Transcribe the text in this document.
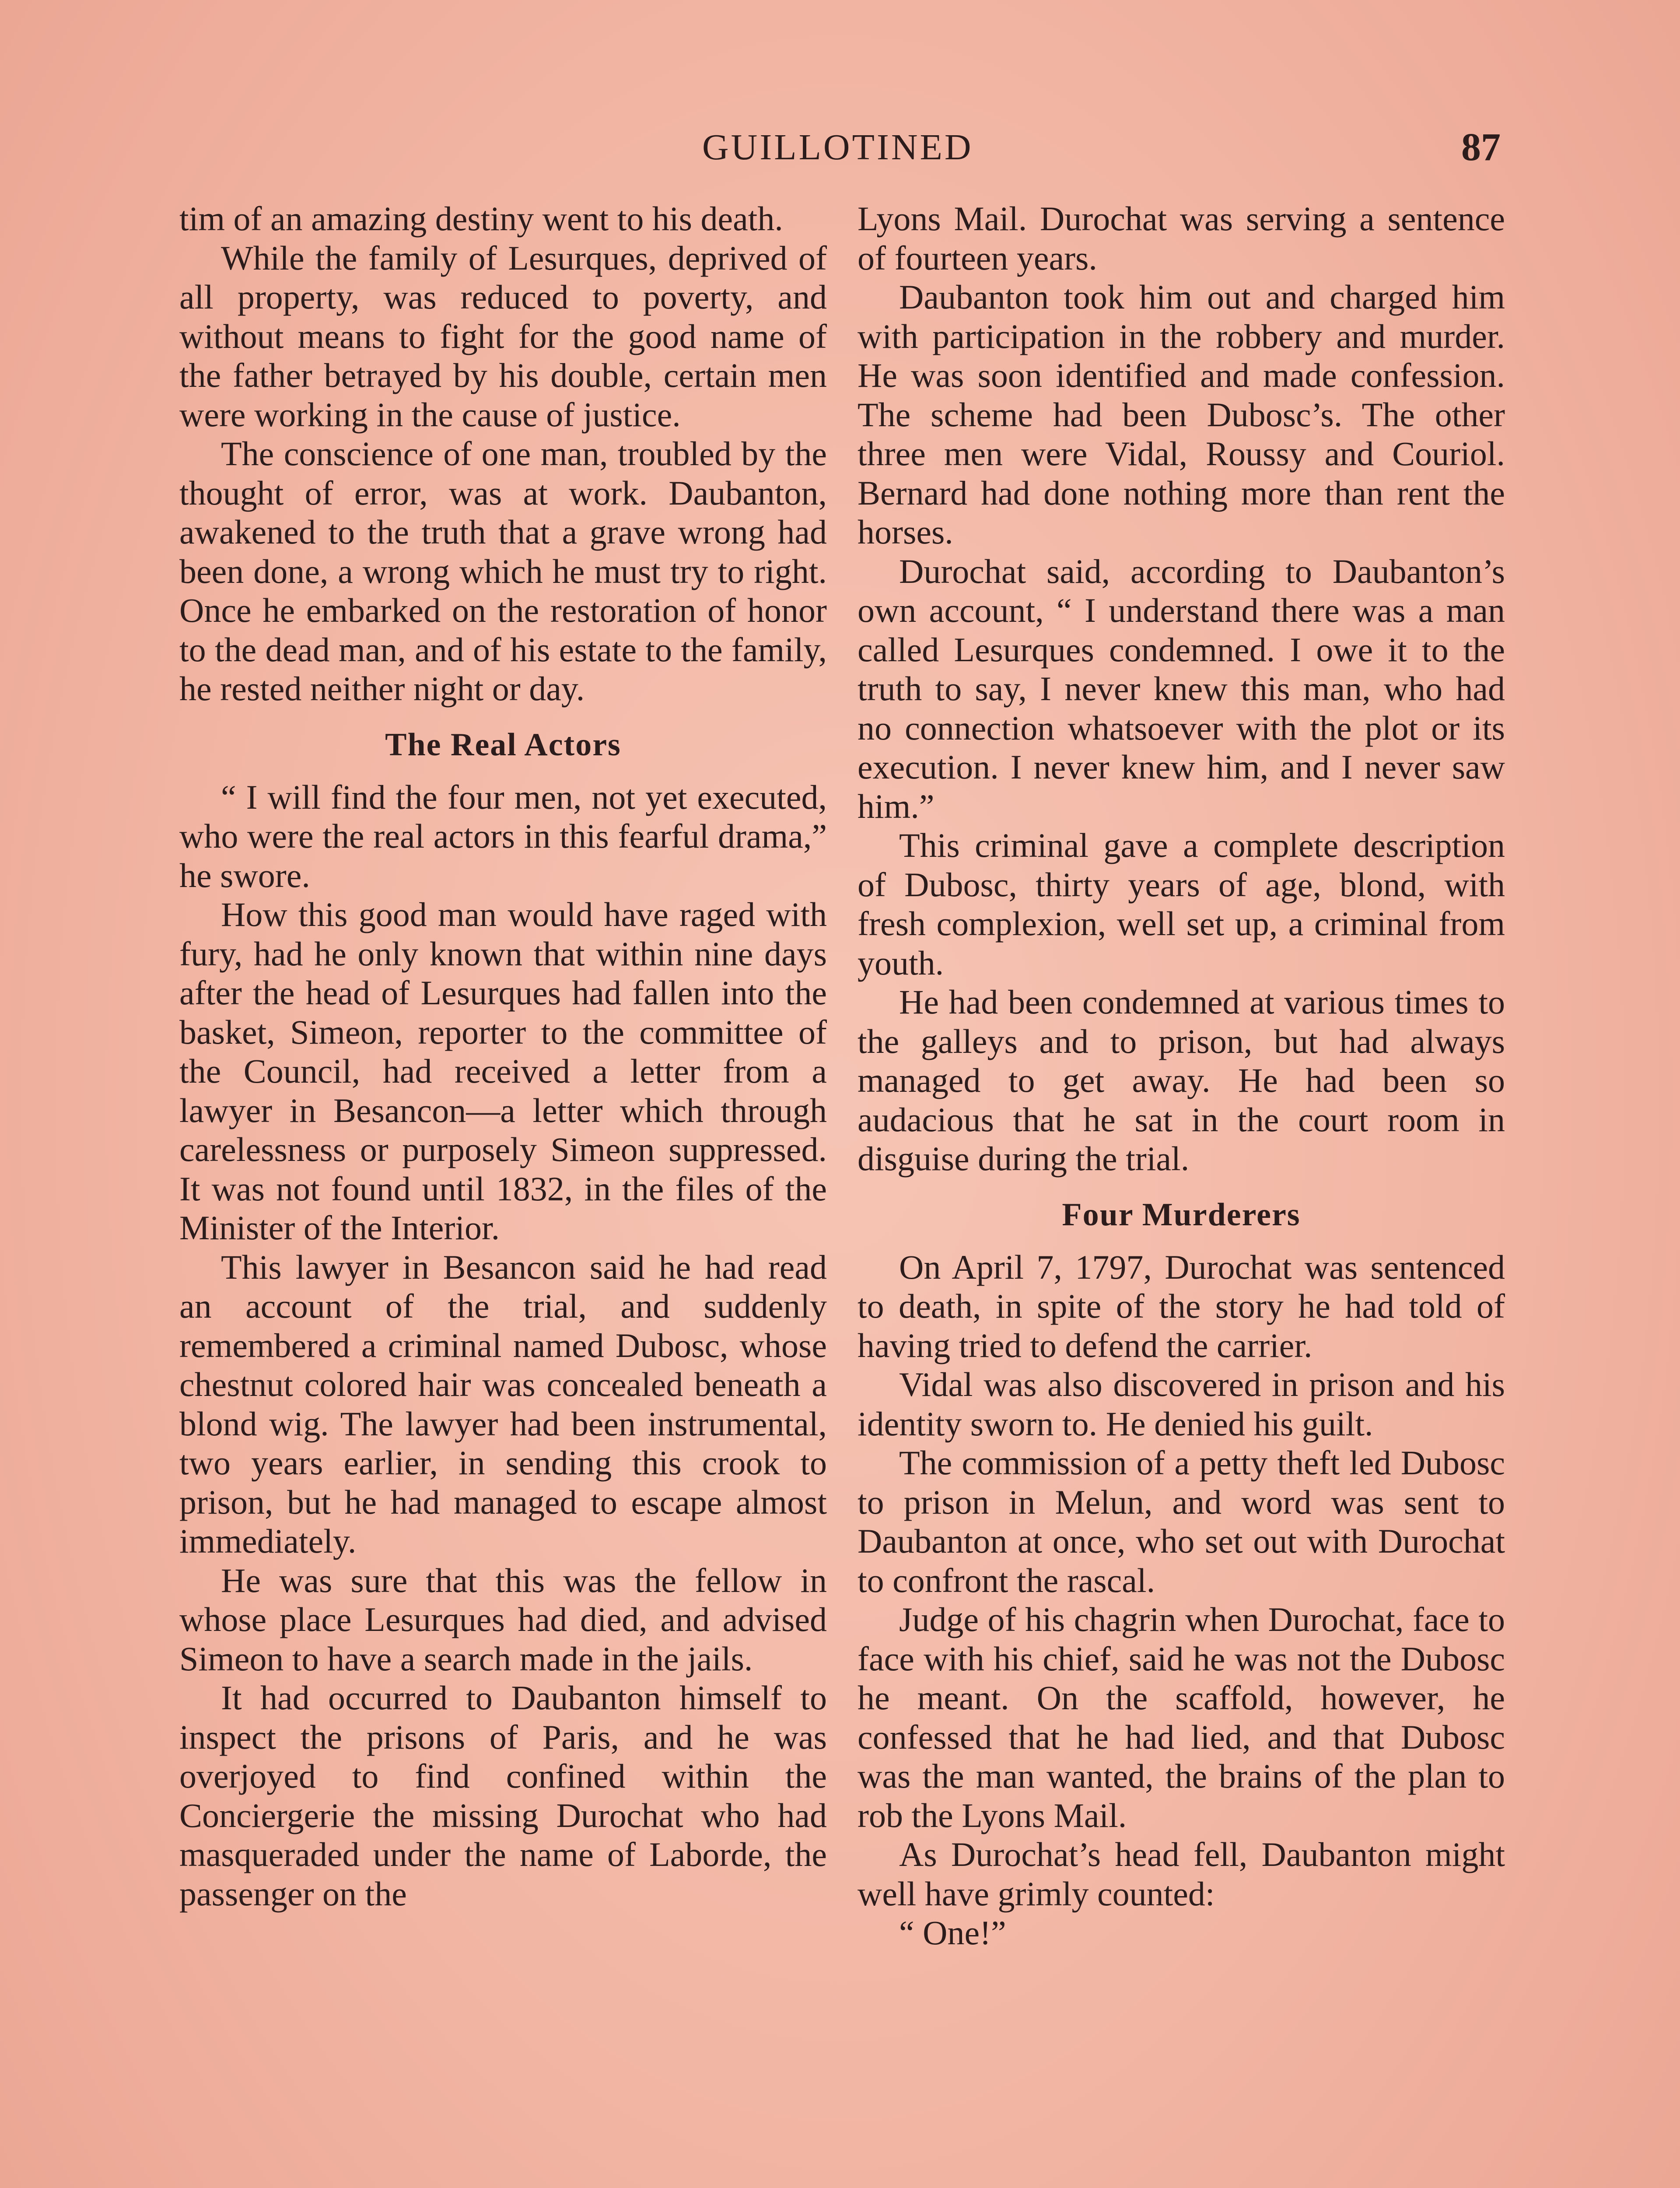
GUILLOTINED	87

tim of an amazing destiny went to his death.

While the family of Lesurques, deprived of all property, was reduced to poverty, and without means to fight for the good name of the father betrayed by his double, certain men were working in the cause of justice.

The conscience of one man, troubled by the thought of error, was at work. Daubanton, awakened to the truth that a grave wrong had been done, a wrong which he must try to right. Once he embarked on the restoration of honor to the dead man, and of his estate to the family, he rested neither night or day.

The Real Actors

“ I will find the four men, not yet executed, who were the real actors in this fearful drama,” he swore.

How this good man would have raged with fury, had he only known that within nine days after the head of Lesurques had fallen into the basket, Simeon, reporter to the committee of the Council, had received a letter from a lawyer in Besancon—a letter which through carelessness or purposely Simeon suppressed. It was not found until 1832, in the files of the Minister of the Interior.

This lawyer in Besancon said he had read an account of the trial, and suddenly remembered a criminal named Dubosc, whose chestnut colored hair was concealed beneath a blond wig. The lawyer had been instrumental, two years earlier, in sending this crook to prison, but he had managed to escape almost immediately.

He was sure that this was the fellow in whose place Lesurques had died, and advised Simeon to have a search made in the jails.

It had occurred to Daubanton himself to inspect the prisons of Paris, and he was overjoyed to find confined within the Conciergerie the missing Durochat who had masqueraded under the name of Laborde, the passenger on the

Lyons Mail. Durochat was serving a sentence of fourteen years.

Daubanton took him out and charged him with participation in the robbery and murder. He was soon identified and made confession. The scheme had been Dubosc’s. The other three men were Vidal, Roussy and Couriol. Bernard had done nothing more than rent the horses.

Durochat said, according to Daubanton’s own account, “ I understand there was a man called Lesurques condemned. I owe it to the truth to say, I never knew this man, who had no connection whatsoever with the plot or its execution. I never knew him, and I never saw him.”

This criminal gave a complete description of Dubosc, thirty years of age, blond, with fresh complexion, well set up, a criminal from youth.

He had been condemned at various times to the galleys and to prison, but had always managed to get away. He had been so audacious that he sat in the court room in disguise during the trial.

Four Murderers

On April 7, 1797, Durochat was sentenced to death, in spite of the story he had told of having tried to defend the carrier.

Vidal was also discovered in prison and his identity sworn to. He denied his guilt.

The commission of a petty theft led Dubosc to prison in Melun, and word was sent to Daubanton at once, who set out with Durochat to confront the rascal.

Judge of his chagrin when Durochat, face to face with his chief, said he was not the Dubosc he meant. On the scaffold, however, he confessed that he had lied, and that Dubosc was the man wanted, the brains of the plan to rob the Lyons Mail.

As Durochat’s head fell, Daubanton might well have grimly counted:

“ One!”
